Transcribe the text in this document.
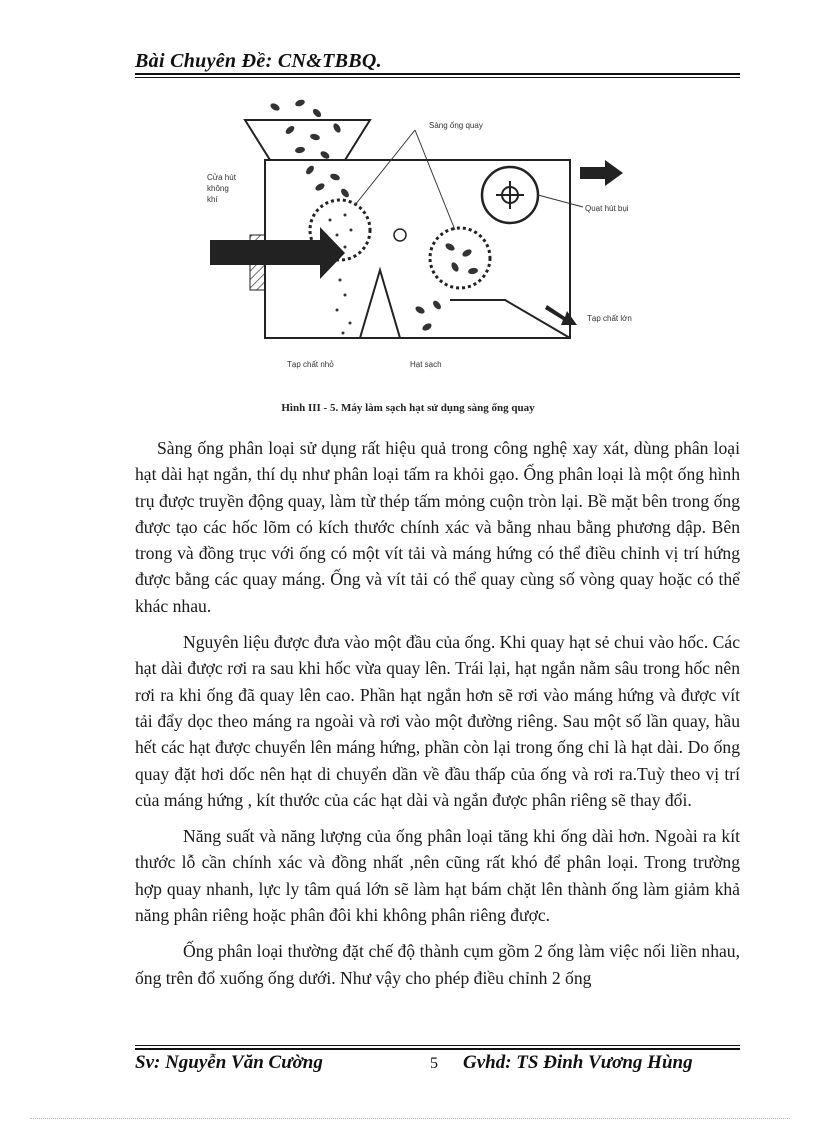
Bài Chuyên Đề: CN&TBBQ.
Sàng ống quay
Cửa hút
không
khí
Quạt hút bụi
Tạp chất lớn
Tạp chất nhỏ	Hạt sạch
Hình III - 5. Máy làm sạch hạt sử dụng sàng ống quay

Sàng ống phân loại sử dụng rất hiệu quả trong công nghệ xay xát, dùng phân loại hạt dài hạt ngắn, thí dụ như phân loại tấm ra khỏi gạo. Ống phân loại là một ống hình trụ được truyền động quay, làm từ thép tấm mỏng cuộn tròn lại. Bề mặt bên trong ống được tạo các hốc lõm có kích thước chính xác và bằng nhau bằng phương dập. Bên trong và đồng trục với ống có một vít tải và máng hứng có thể điều chỉnh vị trí hứng được bằng các quay máng. Ống và vít tải có thể quay cùng số vòng quay hoặc có thể khác nhau.

Nguyên liệu được đưa vào một đầu của ống. Khi quay hạt sẻ chui vào hốc. Các hạt dài được rơi ra sau khi hốc vừa quay lên. Trái lại, hạt ngắn nằm sâu trong hốc nên rơi ra khi ống đã quay lên cao. Phần hạt ngắn hơn sẽ rơi vào máng hứng và được vít tải đẩy dọc theo máng ra ngoài và rơi vào một đường riêng. Sau một số lần quay, hầu hết các hạt được chuyển lên máng hứng, phần còn lại trong ống chỉ là hạt dài. Do ống quay đặt hơi dốc nên hạt di chuyển dần về đầu thấp của ống và rơi ra.Tuỳ theo vị trí của máng hứng , kít thước của các hạt dài và ngắn được phân riêng sẽ thay đổi.

Năng suất và năng lượng của ống phân loại tăng khi ống dài hơn. Ngoài ra kít thước lỗ cần chính xác và đồng nhất ,nên cũng rất khó để phân loại. Trong trường hợp quay nhanh, lực ly tâm quá lớn sẽ làm hạt bám chặt lên thành ống làm giảm khả năng phân riêng hoặc phân đôi khi không phân riêng được.

Ống phân loại thường đặt chế độ thành cụm gồm 2 ống làm việc nối liền nhau, ống trên đổ xuống ống dưới. Như vậy cho phép điều chỉnh 2 ống

Sv: Nguyễn Văn Cường	5 Gvhd: TS Đinh Vương Hùng
